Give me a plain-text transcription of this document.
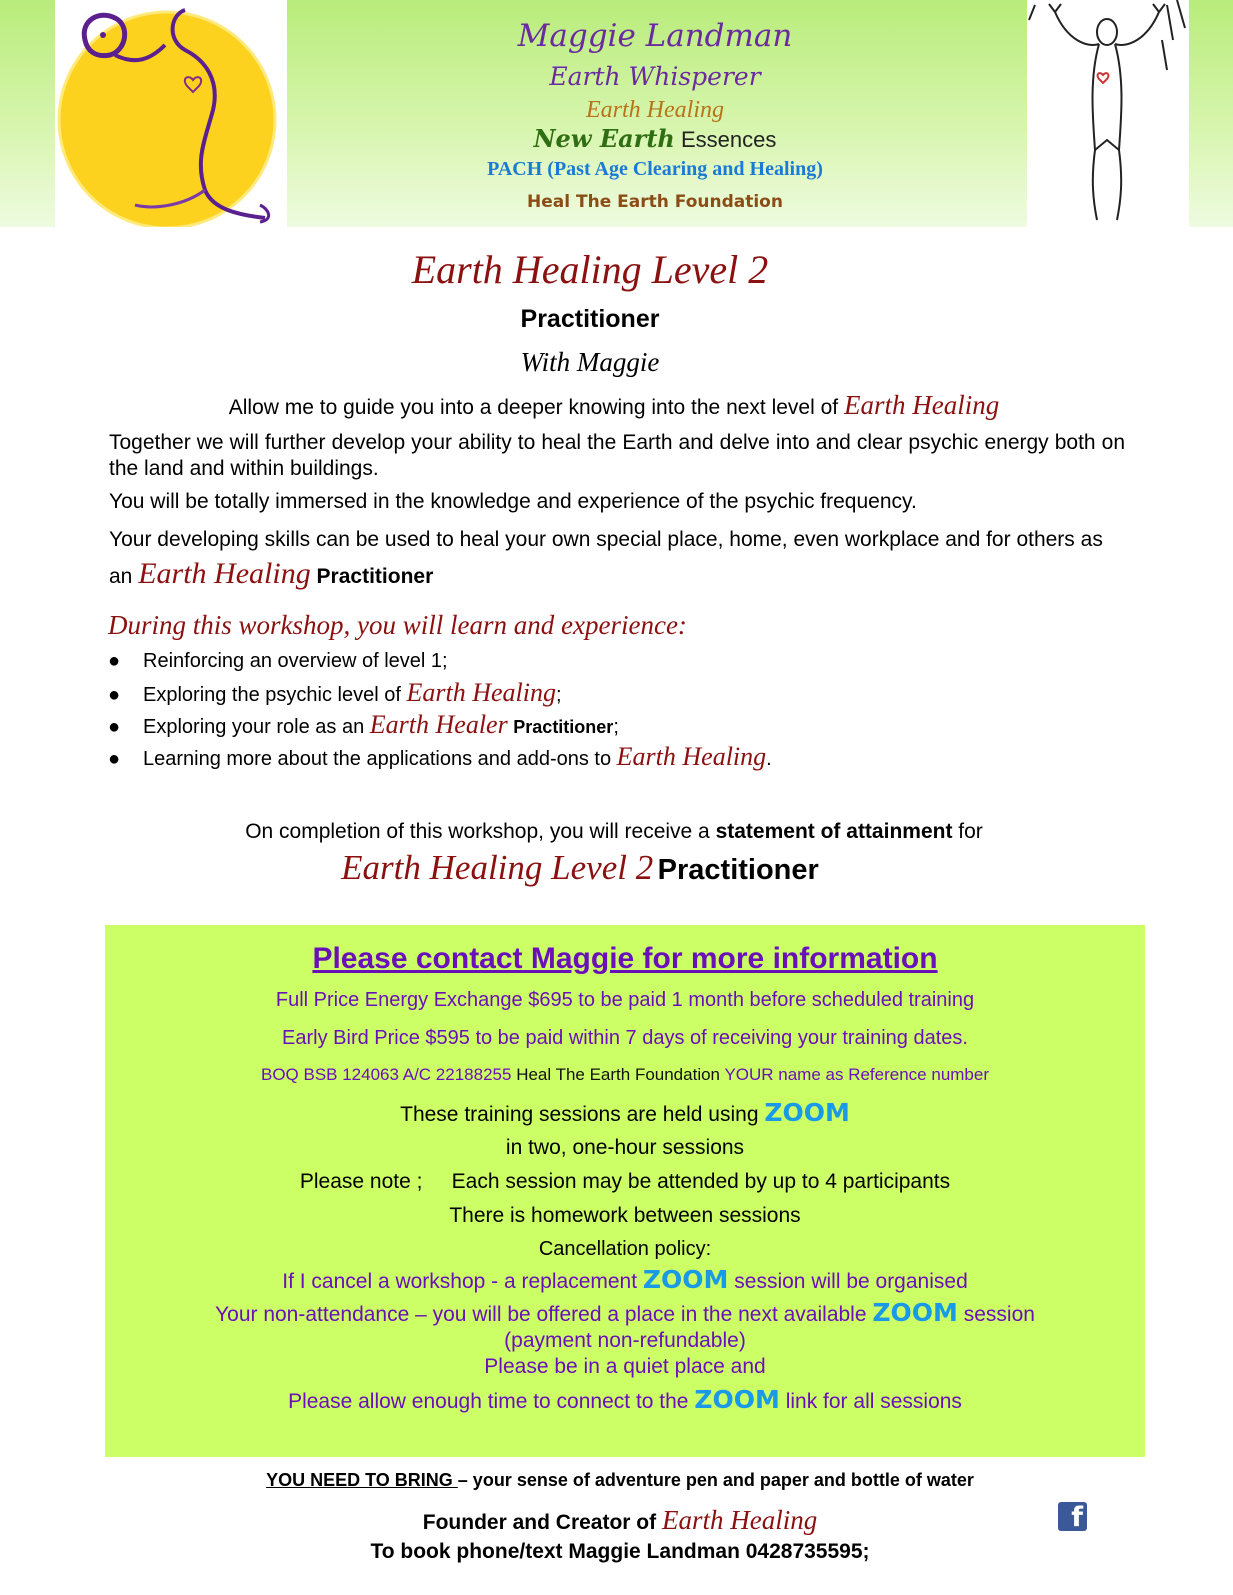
Maggie Landman
Earth Whisperer
Earth Healing
New Earth Essences
PACH (Past Age Clearing and Healing)
Heal The Earth Foundation
Earth Healing Level 2
Practitioner
With Maggie
Allow me to guide you into a deeper knowing into the next level of Earth Healing
Together we will further develop your ability to heal the Earth and delve into and clear psychic energy both on the land and within buildings.
You will be totally immersed in the knowledge and experience of the psychic frequency.
Your developing skills can be used to heal your own special place, home, even workplace and for others as an Earth Healing Practitioner
During this workshop, you will learn and experience:
● Reinforcing an overview of level 1;
● Exploring the psychic level of Earth Healing;
● Exploring your role as an Earth Healer Practitioner;
● Learning more about the applications and add-ons to Earth Healing.
On completion of this workshop, you will receive a statement of attainment for
Earth Healing Level 2 Practitioner
Please contact Maggie for more information
Full Price Energy Exchange $695 to be paid 1 month before scheduled training
Early Bird Price $595 to be paid within 7 days of receiving your training dates.
BOQ BSB 124063 A/C 22188255 Heal The Earth Foundation YOUR name as Reference number
These training sessions are held using ZOOM
in two, one-hour sessions
Please note ; Each session may be attended by up to 4 participants
There is homework between sessions
Cancellation policy:
If I cancel a workshop - a replacement ZOOM session will be organised
Your non-attendance – you will be offered a place in the next available ZOOM session
(payment non-refundable)
Please be in a quiet place and
Please allow enough time to connect to the ZOOM link for all sessions
YOU NEED TO BRING – your sense of adventure pen and paper and bottle of water
Founder and Creator of Earth Healing	f
To book phone/text Maggie Landman 0428735595;
